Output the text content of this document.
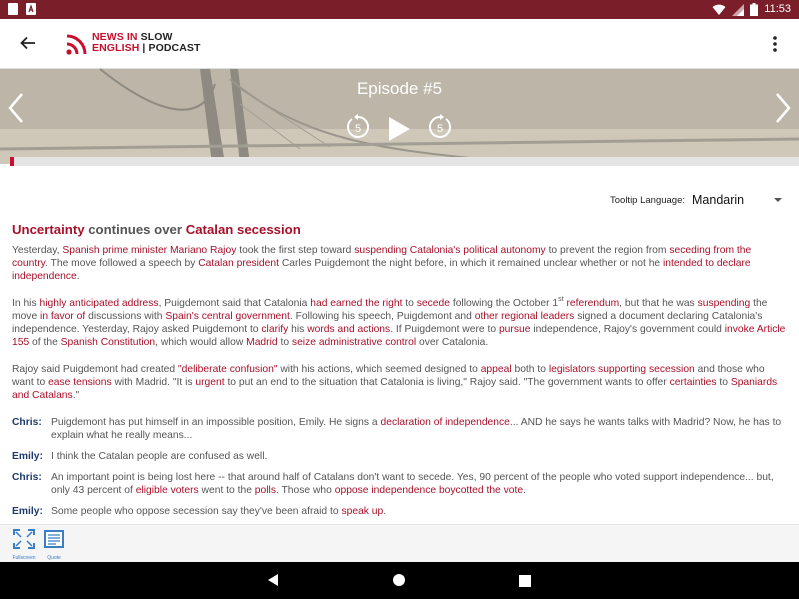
11:53
NEWS IN SLOW
ENGLISH | PODCAST
Episode #5
5	5
Tooltip Language: Mandarin
Uncertainty continues over Catalan secession
Yesterday, Spanish prime minister Mariano Rajoy took the first step toward suspending Catalonia's political autonomy to prevent the region from seceding from the country. The move followed a speech by Catalan president Carles Puigdemont the night before, in which it remained unclear whether or not he intended to declare independence.
In his highly anticipated address, Puigdemont said that Catalonia had earned the right to secede following the October 1st referendum, but that he was suspending the move in favor of discussions with Spain's central government. Following his speech, Puigdemont and other regional leaders signed a document declaring Catalonia's independence. Yesterday, Rajoy asked Puigdemont to clarify his words and actions. If Puigdemont were to pursue independence, Rajoy's government could invoke Article 155 of the Spanish Constitution, which would allow Madrid to seize administrative control over Catalonia.
Rajoy said Puigdemont had created "deliberate confusion" with his actions, which seemed designed to appeal both to legislators supporting secession and those who want to ease tensions with Madrid. "It is urgent to put an end to the situation that Catalonia is living," Rajoy said. "The government wants to offer certainties to Spaniards and Catalans."
Chris: Puigdemont has put himself in an impossible position, Emily. He signs a declaration of independence... AND he says he wants talks with Madrid? Now, he has to explain what he really means...
Emily: I think the Catalan people are confused as well.
Chris: An important point is being lost here -- that around half of Catalans don't want to secede. Yes, 90 percent of the people who voted support independence... but, only 43 percent of eligible voters went to the polls. Those who oppose independence boycotted the vote.
Emily: Some people who oppose secession say they've been afraid to speak up.
Fullscreen	Quote
